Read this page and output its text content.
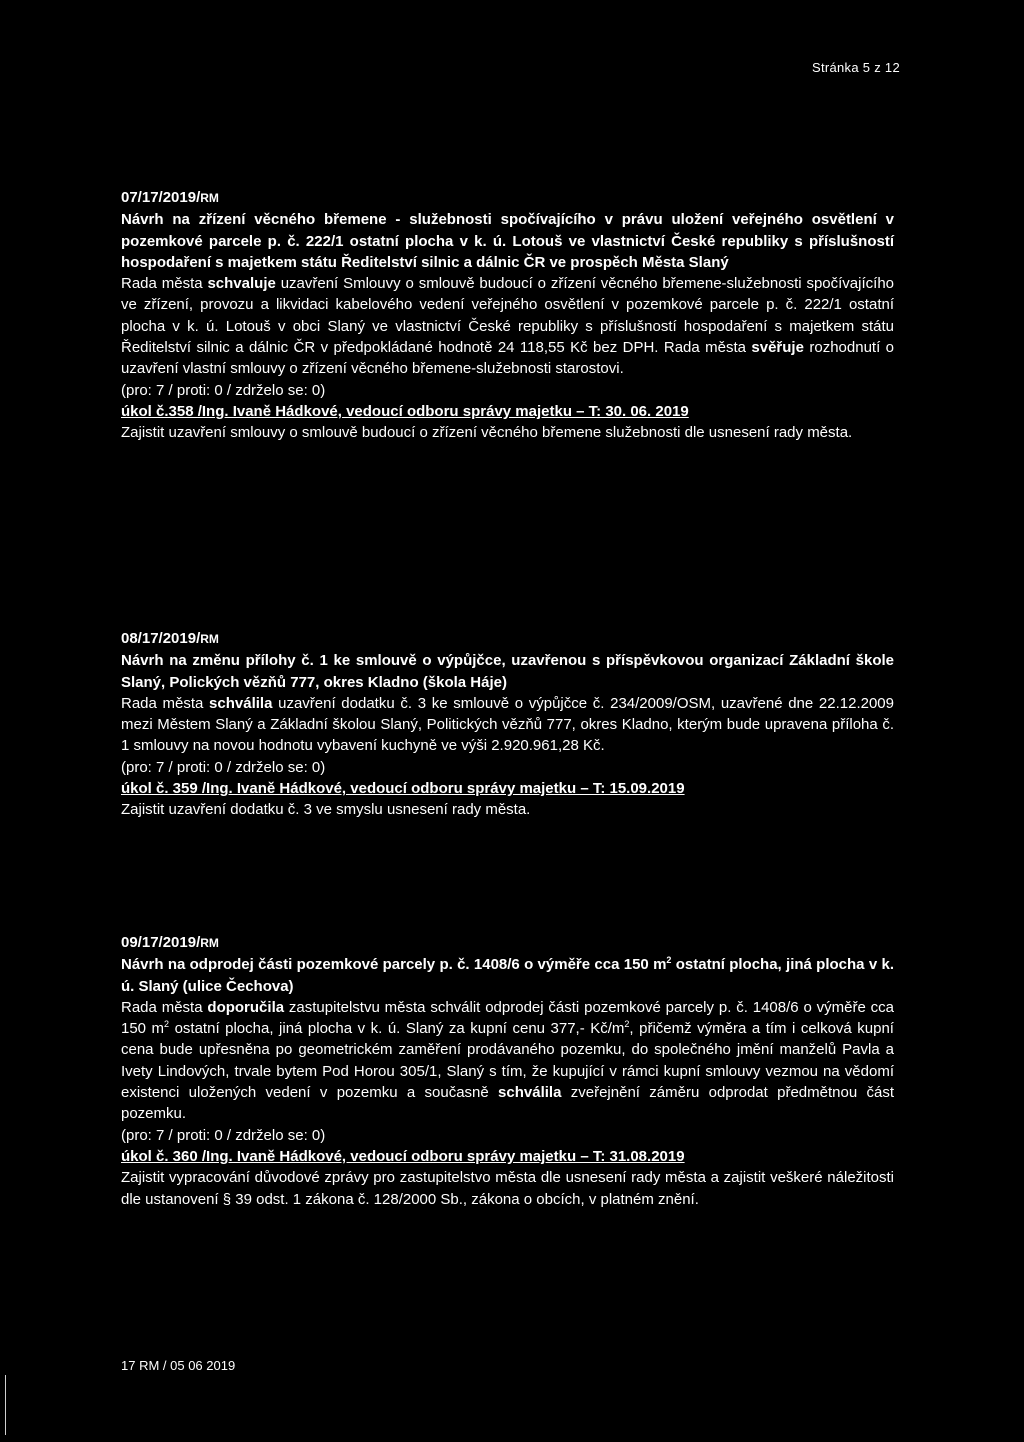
Stránka 5 z 12

07/17/2019/RM

Návrh na zřízení věcného břemene - služebnosti spočívajícího v právu uložení veřejného osvětlení v pozemkové parcele p. č. 222/1 ostatní plocha v k. ú. Lotouš ve vlastnictví České republiky s příslušností hospodaření s majetkem státu Ředitelství silnic a dálnic ČR ve prospěch Města Slaný

Rada města schvaluje uzavření Smlouvy o smlouvě budoucí o zřízení věcného břemene-služebnosti spočívajícího ve zřízení, provozu a likvidaci kabelového vedení veřejného osvětlení v pozemkové parcele p. č. 222/1 ostatní plocha v k. ú. Lotouš v obci Slaný ve vlastnictví České republiky s příslušností hospodaření s majetkem státu Ředitelství silnic a dálnic ČR v předpokládané hodnotě 24 118,55 Kč bez DPH. Rada města svěřuje rozhodnutí o uzavření vlastní smlouvy o zřízení věcného břemene-služebnosti starostovi.

(pro: 7 / proti: 0 / zdrželo se: 0)

úkol č.358 /Ing. Ivaně Hádkové, vedoucí odboru správy majetku – T: 30. 06. 2019

Zajistit uzavření smlouvy o smlouvě budoucí o zřízení věcného břemene služebnosti dle usnesení rady města.

08/17/2019/RM

Návrh na změnu přílohy č. 1 ke smlouvě o výpůjčce, uzavřenou s příspěvkovou organizací Základní škole Slaný, Polických vězňů 777, okres Kladno (škola Háje)

Rada města schválila uzavření dodatku č. 3 ke smlouvě o výpůjčce č. 234/2009/OSM, uzavřené dne 22.12.2009 mezi Městem Slaný a Základní školou Slaný, Politických vězňů 777, okres Kladno, kterým bude upravena příloha č. 1 smlouvy na novou hodnotu vybavení kuchyně ve výši 2.920.961,28 Kč.

(pro: 7 / proti: 0 / zdrželo se: 0)

úkol č. 359 /Ing. Ivaně Hádkové, vedoucí odboru správy majetku – T: 15.09.2019

Zajistit uzavření dodatku č. 3 ve smyslu usnesení rady města.

09/17/2019/RM

Návrh na odprodej části pozemkové parcely p. č. 1408/6 o výměře cca 150 $m^2$ ostatní plocha, jiná plocha v k. ú. Slaný (ulice Čechova)

Rada města doporučila zastupitelstvu města schválit odprodej části pozemkové parcely p. č. 1408/6 o výměře cca 150 $m^2$ ostatní plocha, jiná plocha v k. ú. Slaný za kupní cenu 377,- $Kč/m^2$, přičemž výměra a tím i celková kupní cena bude upřesněna po geometrickém zaměření prodávaného pozemku, do společného jmění manželů Pavla a Ivety Lindových, trvale bytem Pod Horou 305/1, Slaný s tím, že kupující v rámci kupní smlouvy vezmou na vědomí existenci uložených vedení v pozemku a současně schválila zveřejnění záměru odprodat předmětnou část pozemku.

(pro: 7 / proti: 0 / zdrželo se: 0)

úkol č. 360 /Ing. Ivaně Hádkové, vedoucí odboru správy majetku – T: 31.08.2019

Zajistit vypracování důvodové zprávy pro zastupitelstvo města dle usnesení rady města a zajistit veškeré náležitosti dle ustanovení § 39 odst. 1 zákona č. 128/2000 Sb., zákona o obcích, v platném znění.

17 RM / 05 06 2019
